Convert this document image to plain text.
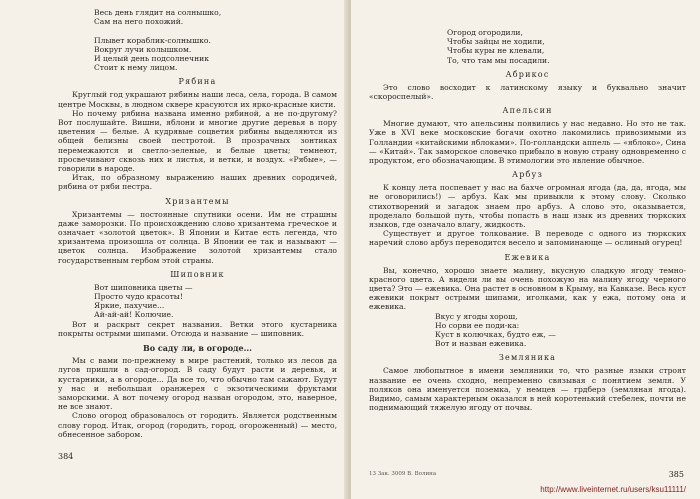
Весь день глядит на солнышко,
Сам на него похожий.

Плывет кораблик-солнышко.
Вокруг лучи колышком.
И целый день подсолнечник
Стоит к нему лицом.
Рябина

Круглый год украшают рябины наши леса, села, города. В самом центре Москвы, в людном сквере красуются их ярко-красные кисти.

Но почему рябина названа именно рябиной, а не по-другому? Вот послушайте. Вишни, яблони и многие другие деревья в пору цветения — белые. А кудрявые соцветия рябины выделяются из общей белизны своей пестротой. В прозрачных зонтиках перемежаются и светло-зеленые, и белые цветы; темнеют, просвечивают сквозь них и листья, и ветки, и воздух. «Рябые», — говорили в народе.

Итак, по образному выражению наших древних сородичей, рябина от ряби пестра.

Хризантемы

Хризантемы — постоянные спутники осени. Им не страшны даже заморозки. По происхождению слово хризантема греческое и означает «золотой цветок». В Японии и Китае есть легенда, что хризантема произошла от солнца. В Японии ее так и называют — цветок солнца. Изображение золотой хризантемы стало государственным гербом этой страны.

Шиповник
Вот шиповника цветы —
Просто чудо красоты!
Яркие, пахучие...
Ай-ай-ай! Колючие.

Вот и раскрыт секрет названия. Ветки этого кустарника покрыты острыми шипами. Отсюда и название — шиповник.

Во саду ли, в огороде...

Мы с вами по-прежнему в мире растений, только из лесов да лугов пришли в сад-огород. В саду будут расти и деревья, и кустарники, а в огороде... Да все то, что обычно там сажают. Будут у нас и небольшая оранжерея с экзотическими фруктами заморскими. А вот почему огород назван огородом, это, наверное, не все знают.

Слово огород образовалось от городить. Является родственным слову город. Итак, огород (городить, город, огороженный) — место, обнесенное забором.

384
Огород огородили,
Чтобы зайцы не ходили,
Чтобы куры не клевали,
То, что там мы посадили.
Абрикос

Это слово восходит к латинскому языку и буквально значит «скороспелый».

Апельсин

Многие думают, что апельсины появились у нас недавно. Но это не так. Уже в XVI веке московские богачи охотно лакомились привозимыми из Голландии «китайскими яблоками». По-голландски аппель — «яблоко», Сина — «Китай». Так заморское словечко прибыло в новую страну одновременно с продуктом, его обозначающим. В этимологии это явление обычное.

Арбуз

К концу лета поспевает у нас на бахче огромная ягода (да, да, ягода, мы не оговорились!) — арбуз. Как мы привыкли к этому слову. Сколько стихотворений и загадок знаем про арбуз. А слово это, оказывается, проделало большой путь, чтобы попасть в наш язык из древних тюркских языков, где означало влагу, жидкость.

Существует и другое толкование. В переводе с одного из тюркских наречий слово арбуз переводится весело и запоминающе — ослиный огурец!

Ежевика

Вы, конечно, хорошо знаете малину, вкусную сладкую ягоду темно-красного цвета. А видели ли вы очень похожую на малину ягоду черного цвета? Это — ежевика. Она растет в основном в Крыму, на Кавказе. Весь куст ежевики покрыт острыми шипами, иголками, как у ежа, потому она и ежевика.

Вкус у ягоды хорош,
Но сорви ее поди-ка:
Куст в колючках, будто еж, —
Вот и назван ежевика.
Земляника

Самое любопытное в имени земляники то, что разные языки строят название ее очень сходно, непременно связывая с понятием земля. У поляков она именуется поземка, у немцев — грдберэ (земляная ягода). Видимо, самым характерным оказался в ней коротенький стебелек, почти не поднимающий тяжелую ягоду от почвы.

13 Зак. 3009 В. Волина	385
http://www.liveinternet.ru/users/ksu11111/
